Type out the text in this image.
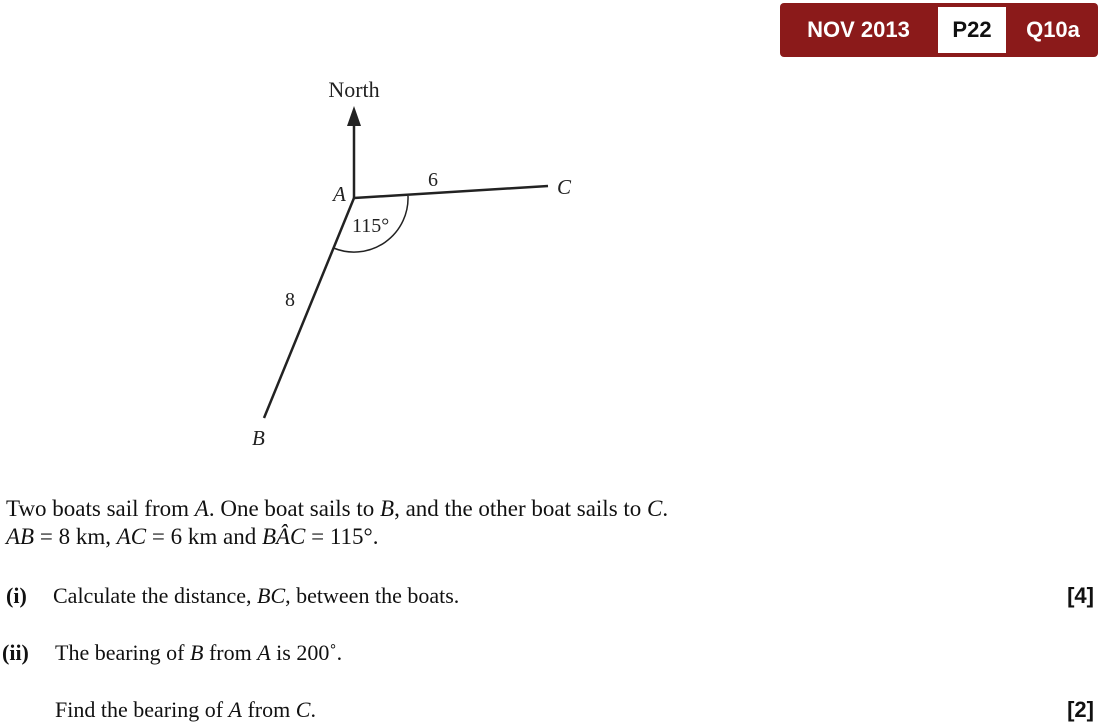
NOV 2013	P22	Q10a
North
6	C
8
B
A
115°
Two boats sail from A. One boat sails to B, and the other boat sails to C.
AB = 8 km, AC = 6 km and BÂC = 115°.
(i) Calculate the distance, BC, between the boats.	[4]
(ii) The bearing of B from A is 200˚.
Find the bearing of A from C.	[2]
